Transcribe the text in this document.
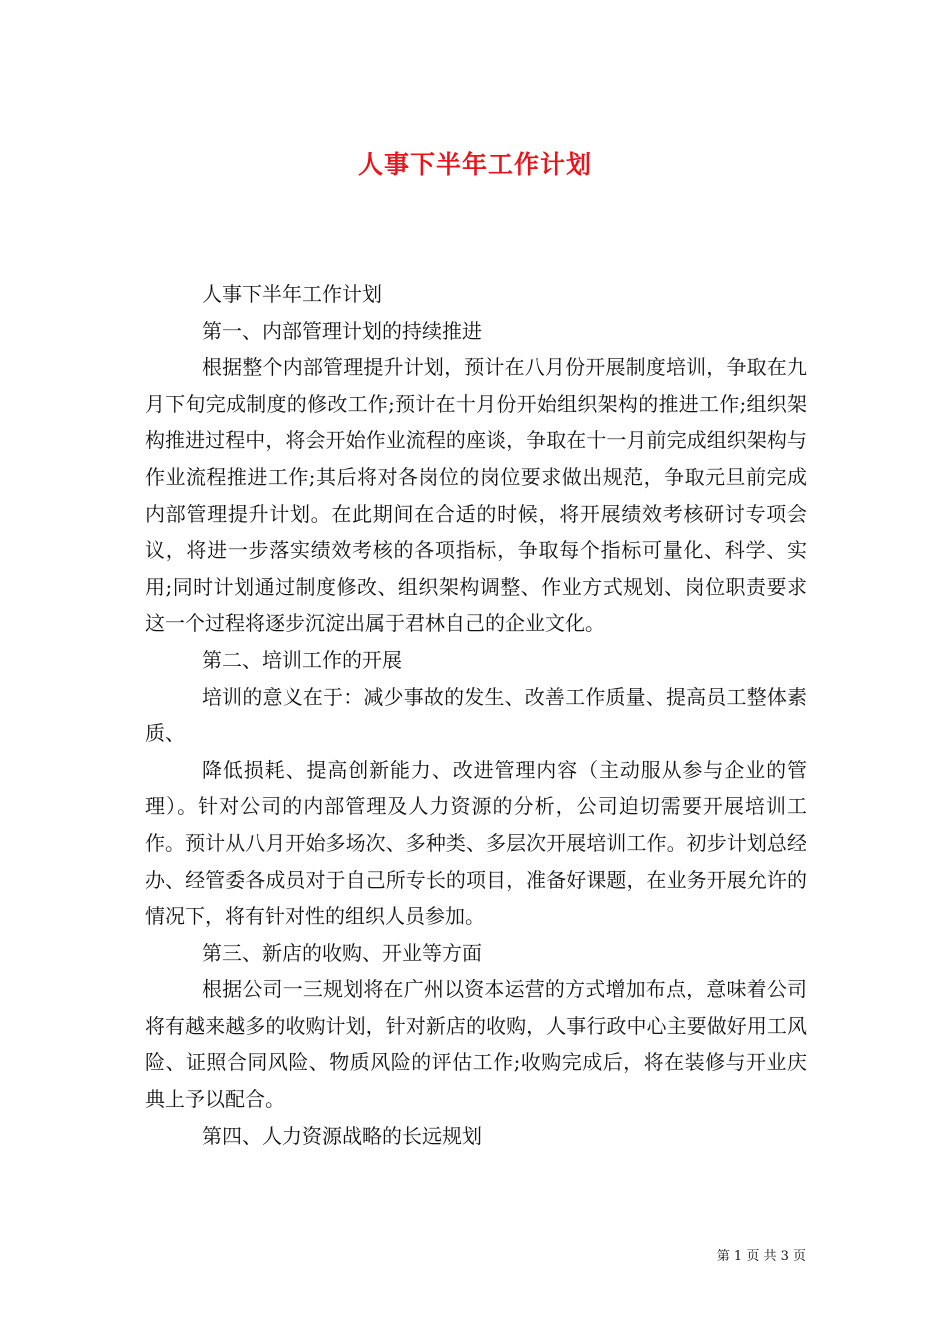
人事下半年工作计划

人事下半年工作计划

第一、内部管理计划的持续推进

根据整个内部管理提升计划，预计在八月份开展制度培训，争取在九月下旬完成制度的修改工作;预计在十月份开始组织架构的推进工作;组织架构推进过程中，将会开始作业流程的座谈，争取在十一月前完成组织架构与作业流程推进工作;其后将对各岗位的岗位要求做出规范，争取元旦前完成内部管理提升计划。在此期间在合适的时候，将开展绩效考核研讨专项会议，将进一步落实绩效考核的各项指标，争取每个指标可量化、科学、实用;同时计划通过制度修改、组织架构调整、作业方式规划、岗位职责要求这一个过程将逐步沉淀出属于君林自己的企业文化。

第二、培训工作的开展

培训的意义在于：减少事故的发生、改善工作质量、提高员工整体素质、

降低损耗、提高创新能力、改进管理内容（主动服从参与企业的管理）。针对公司的内部管理及人力资源的分析，公司迫切需要开展培训工作。预计从八月开始多场次、多种类、多层次开展培训工作。初步计划总经办、经管委各成员对于自己所专长的项目，准备好课题，在业务开展允许的情况下，将有针对性的组织人员参加。

第三、新店的收购、开业等方面

根据公司一三规划将在广州以资本运营的方式增加布点，意味着公司将有越来越多的收购计划，针对新店的收购，人事行政中心主要做好用工风险、证照合同风险、物质风险的评估工作;收购完成后，将在装修与开业庆典上予以配合。

第四、人力资源战略的长远规划

第 1 页 共 3 页
